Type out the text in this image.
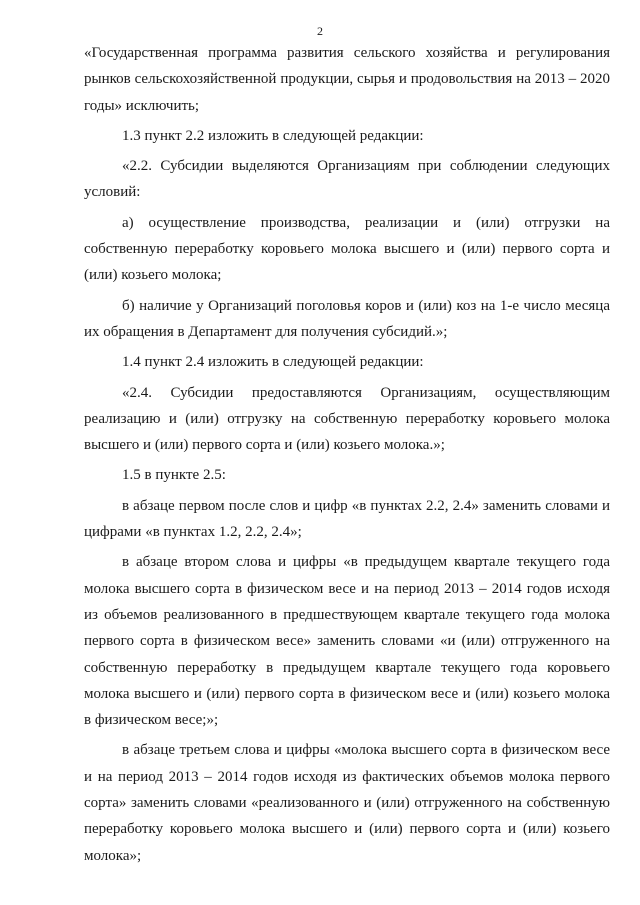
2

«Государственная программа развития сельского хозяйства и регулирования рынков сельскохозяйственной продукции, сырья и продовольствия на 2013 – 2020 годы» исключить;

1.3 пункт 2.2 изложить в следующей редакции:

«2.2. Субсидии выделяются Организациям при соблюдении следующих условий:

а) осуществление производства, реализации и (или) отгрузки на собственную переработку коровьего молока высшего и (или) первого сорта и (или) козьего молока;

б) наличие у Организаций поголовья коров и (или) коз на 1-е число месяца их обращения в Департамент для получения субсидий.»;

1.4 пункт 2.4 изложить в следующей редакции:

«2.4. Субсидии предоставляются Организациям, осуществляющим реализацию и (или) отгрузку на собственную переработку коровьего молока высшего и (или) первого сорта и (или) козьего молока.»;

1.5 в пункте 2.5:

в абзаце первом после слов и цифр «в пунктах 2.2, 2.4» заменить словами и цифрами «в пунктах 1.2, 2.2, 2.4»;

в абзаце втором слова и цифры «в предыдущем квартале текущего года молока высшего сорта в физическом весе и на период 2013 – 2014 годов исходя из объемов реализованного в предшествующем квартале текущего года молока первого сорта в физическом весе» заменить словами «и (или) отгруженного на собственную переработку в предыдущем квартале текущего года коровьего молока высшего и (или) первого сорта в физическом весе и (или) козьего молока в физическом весе;»;

в абзаце третьем слова и цифры «молока высшего сорта в физическом весе и на период 2013 – 2014 годов исходя из фактических объемов молока первого сорта» заменить словами «реализованного и (или) отгруженного на собственную переработку коровьего молока высшего и (или) первого сорта и (или) козьего молока»;
